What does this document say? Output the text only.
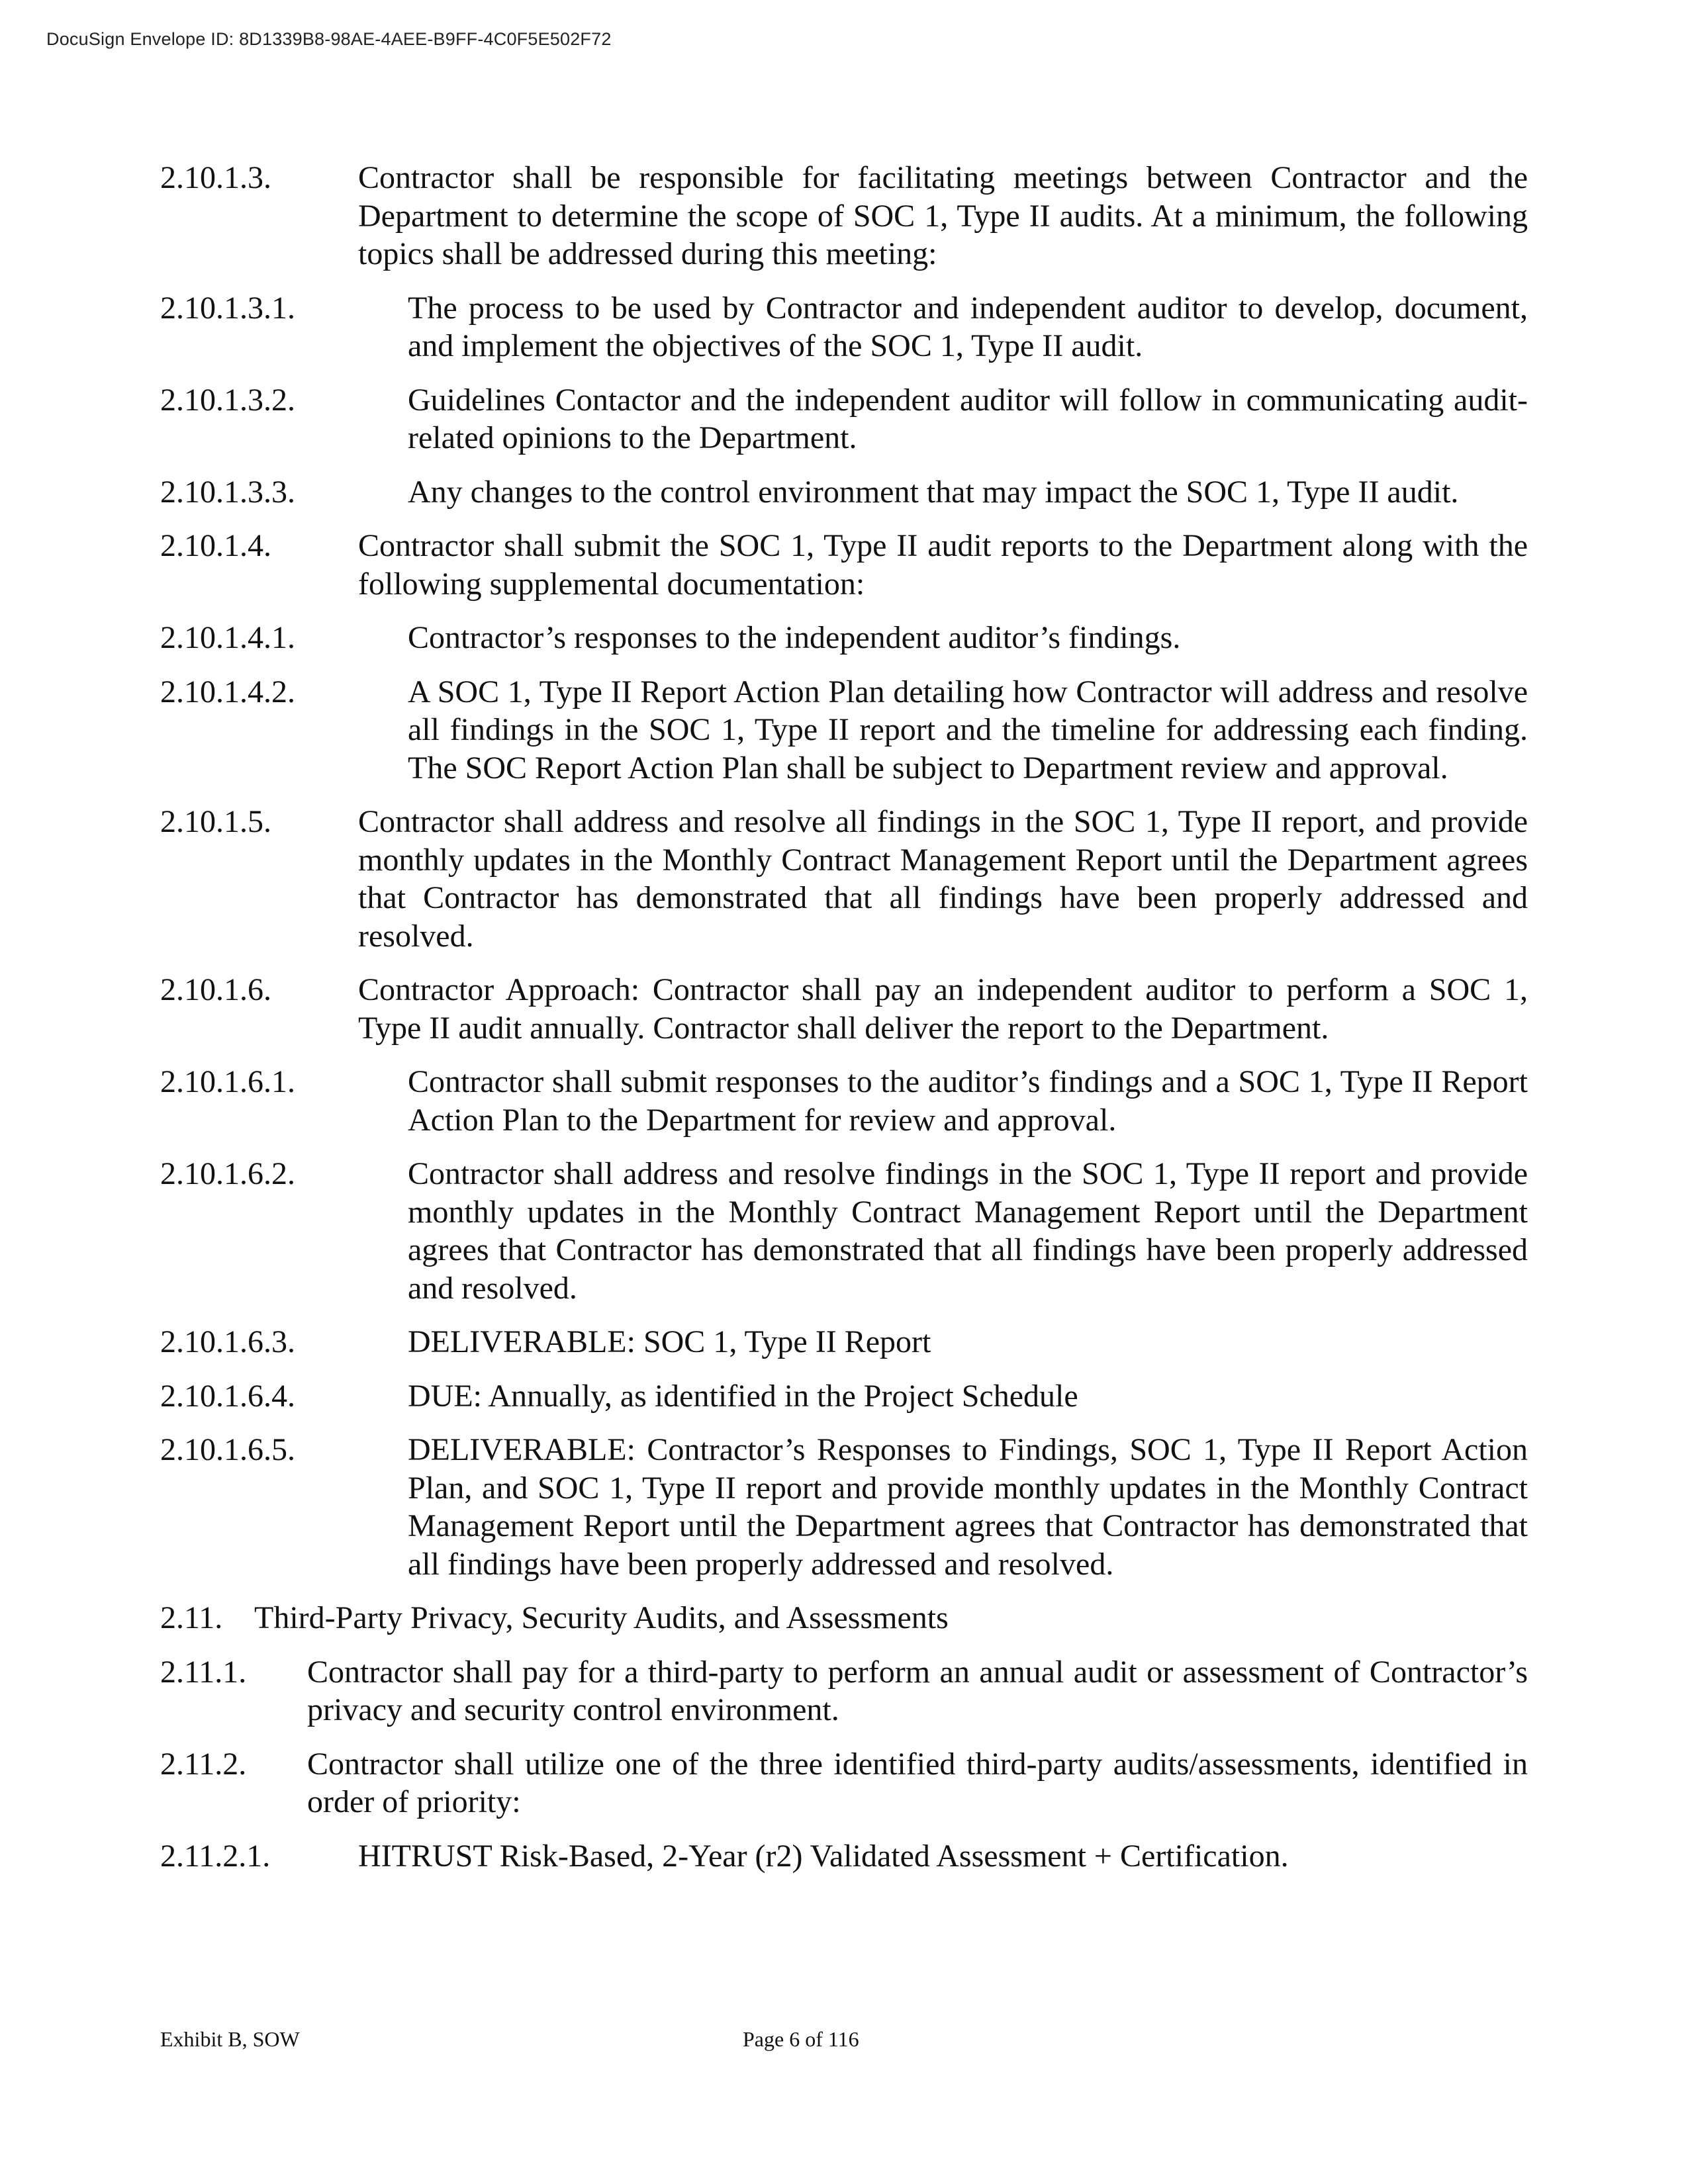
DocuSign Envelope ID: 8D1339B8-98AE-4AEE-B9FF-4C0F5E502F72
2.10.1.3.	Contractor shall be responsible for facilitating meetings between Contractor and the Department to determine the scope of SOC 1, Type II audits. At a minimum, the following topics shall be addressed during this meeting:
2.10.1.3.1.	The process to be used by Contractor and independent auditor to develop, document, and implement the objectives of the SOC 1, Type II audit.
2.10.1.3.2.	Guidelines Contactor and the independent auditor will follow in communicating audit-related opinions to the Department.
2.10.1.3.3.	Any changes to the control environment that may impact the SOC 1, Type II audit.
2.10.1.4.	Contractor shall submit the SOC 1, Type II audit reports to the Department along with the following supplemental documentation:
2.10.1.4.1.	Contractor’s responses to the independent auditor’s findings.
2.10.1.4.2.	A SOC 1, Type II Report Action Plan detailing how Contractor will address and resolve all findings in the SOC 1, Type II report and the timeline for addressing each finding. The SOC Report Action Plan shall be subject to Department review and approval.
2.10.1.5.	Contractor shall address and resolve all findings in the SOC 1, Type II report, and provide monthly updates in the Monthly Contract Management Report until the Department agrees that Contractor has demonstrated that all findings have been properly addressed and resolved.
2.10.1.6.	Contractor Approach: Contractor shall pay an independent auditor to perform a SOC 1, Type II audit annually. Contractor shall deliver the report to the Department.
2.10.1.6.1.	Contractor shall submit responses to the auditor’s findings and a SOC 1, Type II Report Action Plan to the Department for review and approval.
2.10.1.6.2.	Contractor shall address and resolve findings in the SOC 1, Type II report and provide monthly updates in the Monthly Contract Management Report until the Department agrees that Contractor has demonstrated that all findings have been properly addressed and resolved.
2.10.1.6.3.	DELIVERABLE: SOC 1, Type II Report
2.10.1.6.4.	DUE: Annually, as identified in the Project Schedule
2.10.1.6.5.	DELIVERABLE: Contractor’s Responses to Findings, SOC 1, Type II Report Action Plan, and SOC 1, Type II report and provide monthly updates in the Monthly Contract Management Report until the Department agrees that Contractor has demonstrated that all findings have been properly addressed and resolved.
2.11. Third-Party Privacy, Security Audits, and Assessments
2.11.1.	Contractor shall pay for a third-party to perform an annual audit or assessment of Contractor’s privacy and security control environment.
2.11.2.	Contractor shall utilize one of the three identified third-party audits/assessments, identified in order of priority:
2.11.2.1.	HITRUST Risk-Based, 2-Year (r2) Validated Assessment + Certification.
Exhibit B, SOW	Page 6 of 116
